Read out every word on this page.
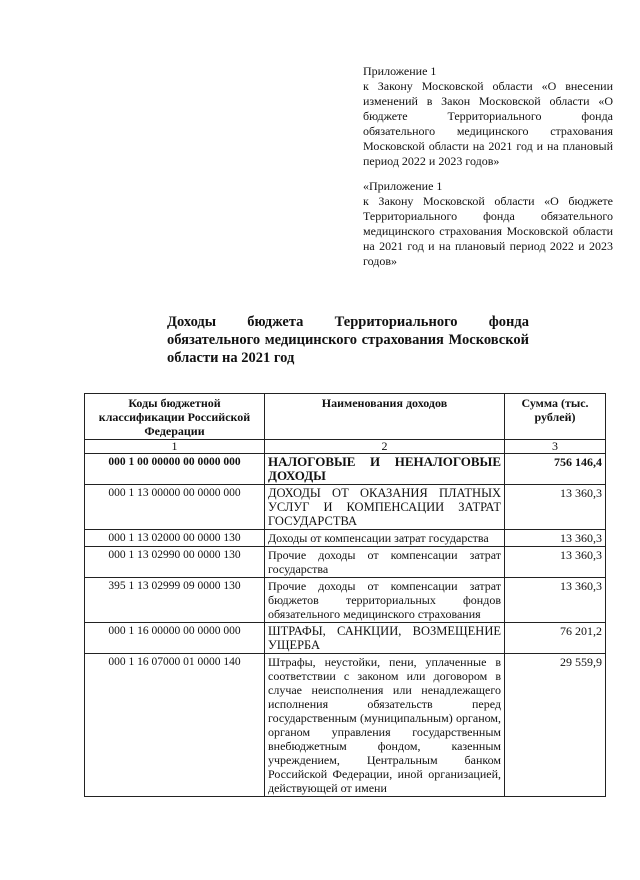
Приложение 1

к Закону Московской области «О внесении изменений в Закон Московской области «О бюджете Территориального фонда обязательного медицинского страхования Московской области на 2021 год и на плановый период 2022 и 2023 годов»

«Приложение 1

к Закону Московской области «О бюджете Территориального фонда обязательного медицинского страхования Московской области на 2021 год и на плановый период 2022 и 2023 годов»

Доходы бюджета Территориального фонда обязательного медицинского страхования Московской области на 2021 год
Коды бюджетной классификации Российской Федерации	Наименования доходов	Сумма (тыс. рублей)
1	2	3
000 1 00 00000 00 0000 000	НАЛОГОВЫЕ И НЕНАЛОГОВЫЕ ДОХОДЫ	756 146,4
000 1 13 00000 00 0000 000	ДОХОДЫ ОТ ОКАЗАНИЯ ПЛАТНЫХ УСЛУГ И КОМПЕНСАЦИИ ЗАТРАТ ГОСУДАРСТВА	13 360,3
000 1 13 02000 00 0000 130	Доходы от компенсации затрат государства	13 360,3
000 1 13 02990 00 0000 130	Прочие доходы от компенсации затрат государства	13 360,3
395 1 13 02999 09 0000 130	Прочие доходы от компенсации затрат бюджетов территориальных фондов обязательного медицинского страхования	13 360,3
000 1 16 00000 00 0000 000	ШТРАФЫ, САНКЦИИ, ВОЗМЕЩЕНИЕ УЩЕРБА	76 201,2
000 1 16 07000 01 0000 140	Штрафы, неустойки, пени, уплаченные в соответствии с законом или договором в случае неисполнения или ненадлежащего исполнения обязательств перед государственным (муниципальным) органом, органом управления государственным внебюджетным фондом, казенным учреждением, Центральным банком Российской Федерации, иной организацией, действующей от имени	29 559,9
